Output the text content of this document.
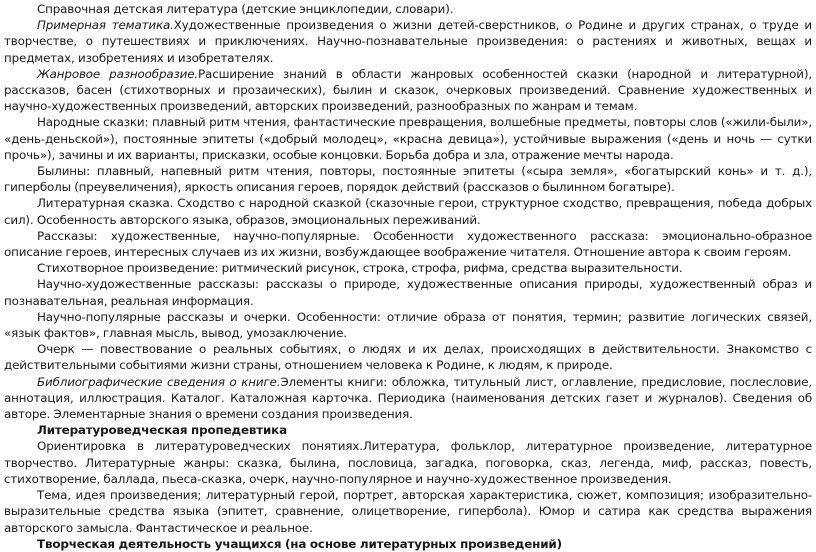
Справочная детская литература (детские энциклопедии, словари).

Примерная тематика.Художественные произведения о жизни детей-сверстников, о Родине и других странах, о труде и творчестве, о путешествиях и приключениях. Научно-познавательные произведения: о растениях и животных, вещах и предметах, изобретениях и изобретателях.

Жанровое разнообразие.Расширение знаний в области жанровых особенностей сказки (народной и литературной), рассказов, басен (стихотворных и прозаических), былин и сказок, очерковых произведений. Сравнение художественных и научно-художественных произведений, авторских произведений, разнообразных по жанрам и темам.

Народные сказки: плавный ритм чтения, фантастические превращения, волшебные предметы, повторы слов («жили-были», «день-деньской»), постоянные эпитеты («добрый молодец», «красна девица»), устойчивые выражения («день и ночь — сутки прочь»), зачины и их варианты, присказки, особые концовки. Борьба добра и зла, отражение мечты народа.

Былины: плавный, напевный ритм чтения, повторы, постоянные эпитеты («сыра земля», «богатырский конь» и т. д.), гиперболы (преувеличения), яркость описания героев, порядок действий (рассказов о былинном богатыре).

Литературная сказка. Сходство с народной сказкой (сказочные герои, структурное сходство, превращения, победа добрых сил). Особенность авторского языка, образов, эмоциональных переживаний.

Рассказы: художественные, научно-популярные. Особенности художественного рассказа: эмоционально-образное описание героев, интересных случаев из их жизни, возбуждающее воображение читателя. Отношение автора к своим героям.

Стихотворное произведение: ритмический рисунок, строка, строфа, рифма, средства выразительности.

Научно-художественные рассказы: рассказы о природе, художественные описания природы, художественный образ и познавательная, реальная информация.

Научно-популярные рассказы и очерки. Особенности: отличие образа от понятия, термин; развитие логических связей, «язык фактов», главная мысль, вывод, умозаключение.

Очерк — повествование о реальных событиях, о людях и их делах, происходящих в действительности. Знакомство с действительными событиями жизни страны, отношением человека к Родине, к людям, к природе.

Библиографические сведения о книге.Элементы книги: обложка, титульный лист, оглавление, предисловие, послесловие, аннотация, иллюстрация. Каталог. Каталожная карточка. Периодика (наименования детских газет и журналов). Сведения об авторе. Элементарные знания о времени создания произведения.

Литературоведческая пропедевтика

Ориентировка в литературоведческих понятиях.Литература, фольклор, литературное произведение, литературное творчество. Литературные жанры: сказка, былина, пословица, загадка, поговорка, сказ, легенда, миф, рассказ, повесть, стихотворение, баллада, пьеса-сказка, очерк, научно-популярное и научно-художественное произведения.

Тема, идея произведения; литературный герой, портрет, авторская характеристика, сюжет, композиция; изобразительно-выразительные средства языка (эпитет, сравнение, олицетворение, гипербола). Юмор и сатира как средства выражения авторского замысла. Фантастическое и реальное.

Творческая деятельность учащихся (на основе литературных произведений)
